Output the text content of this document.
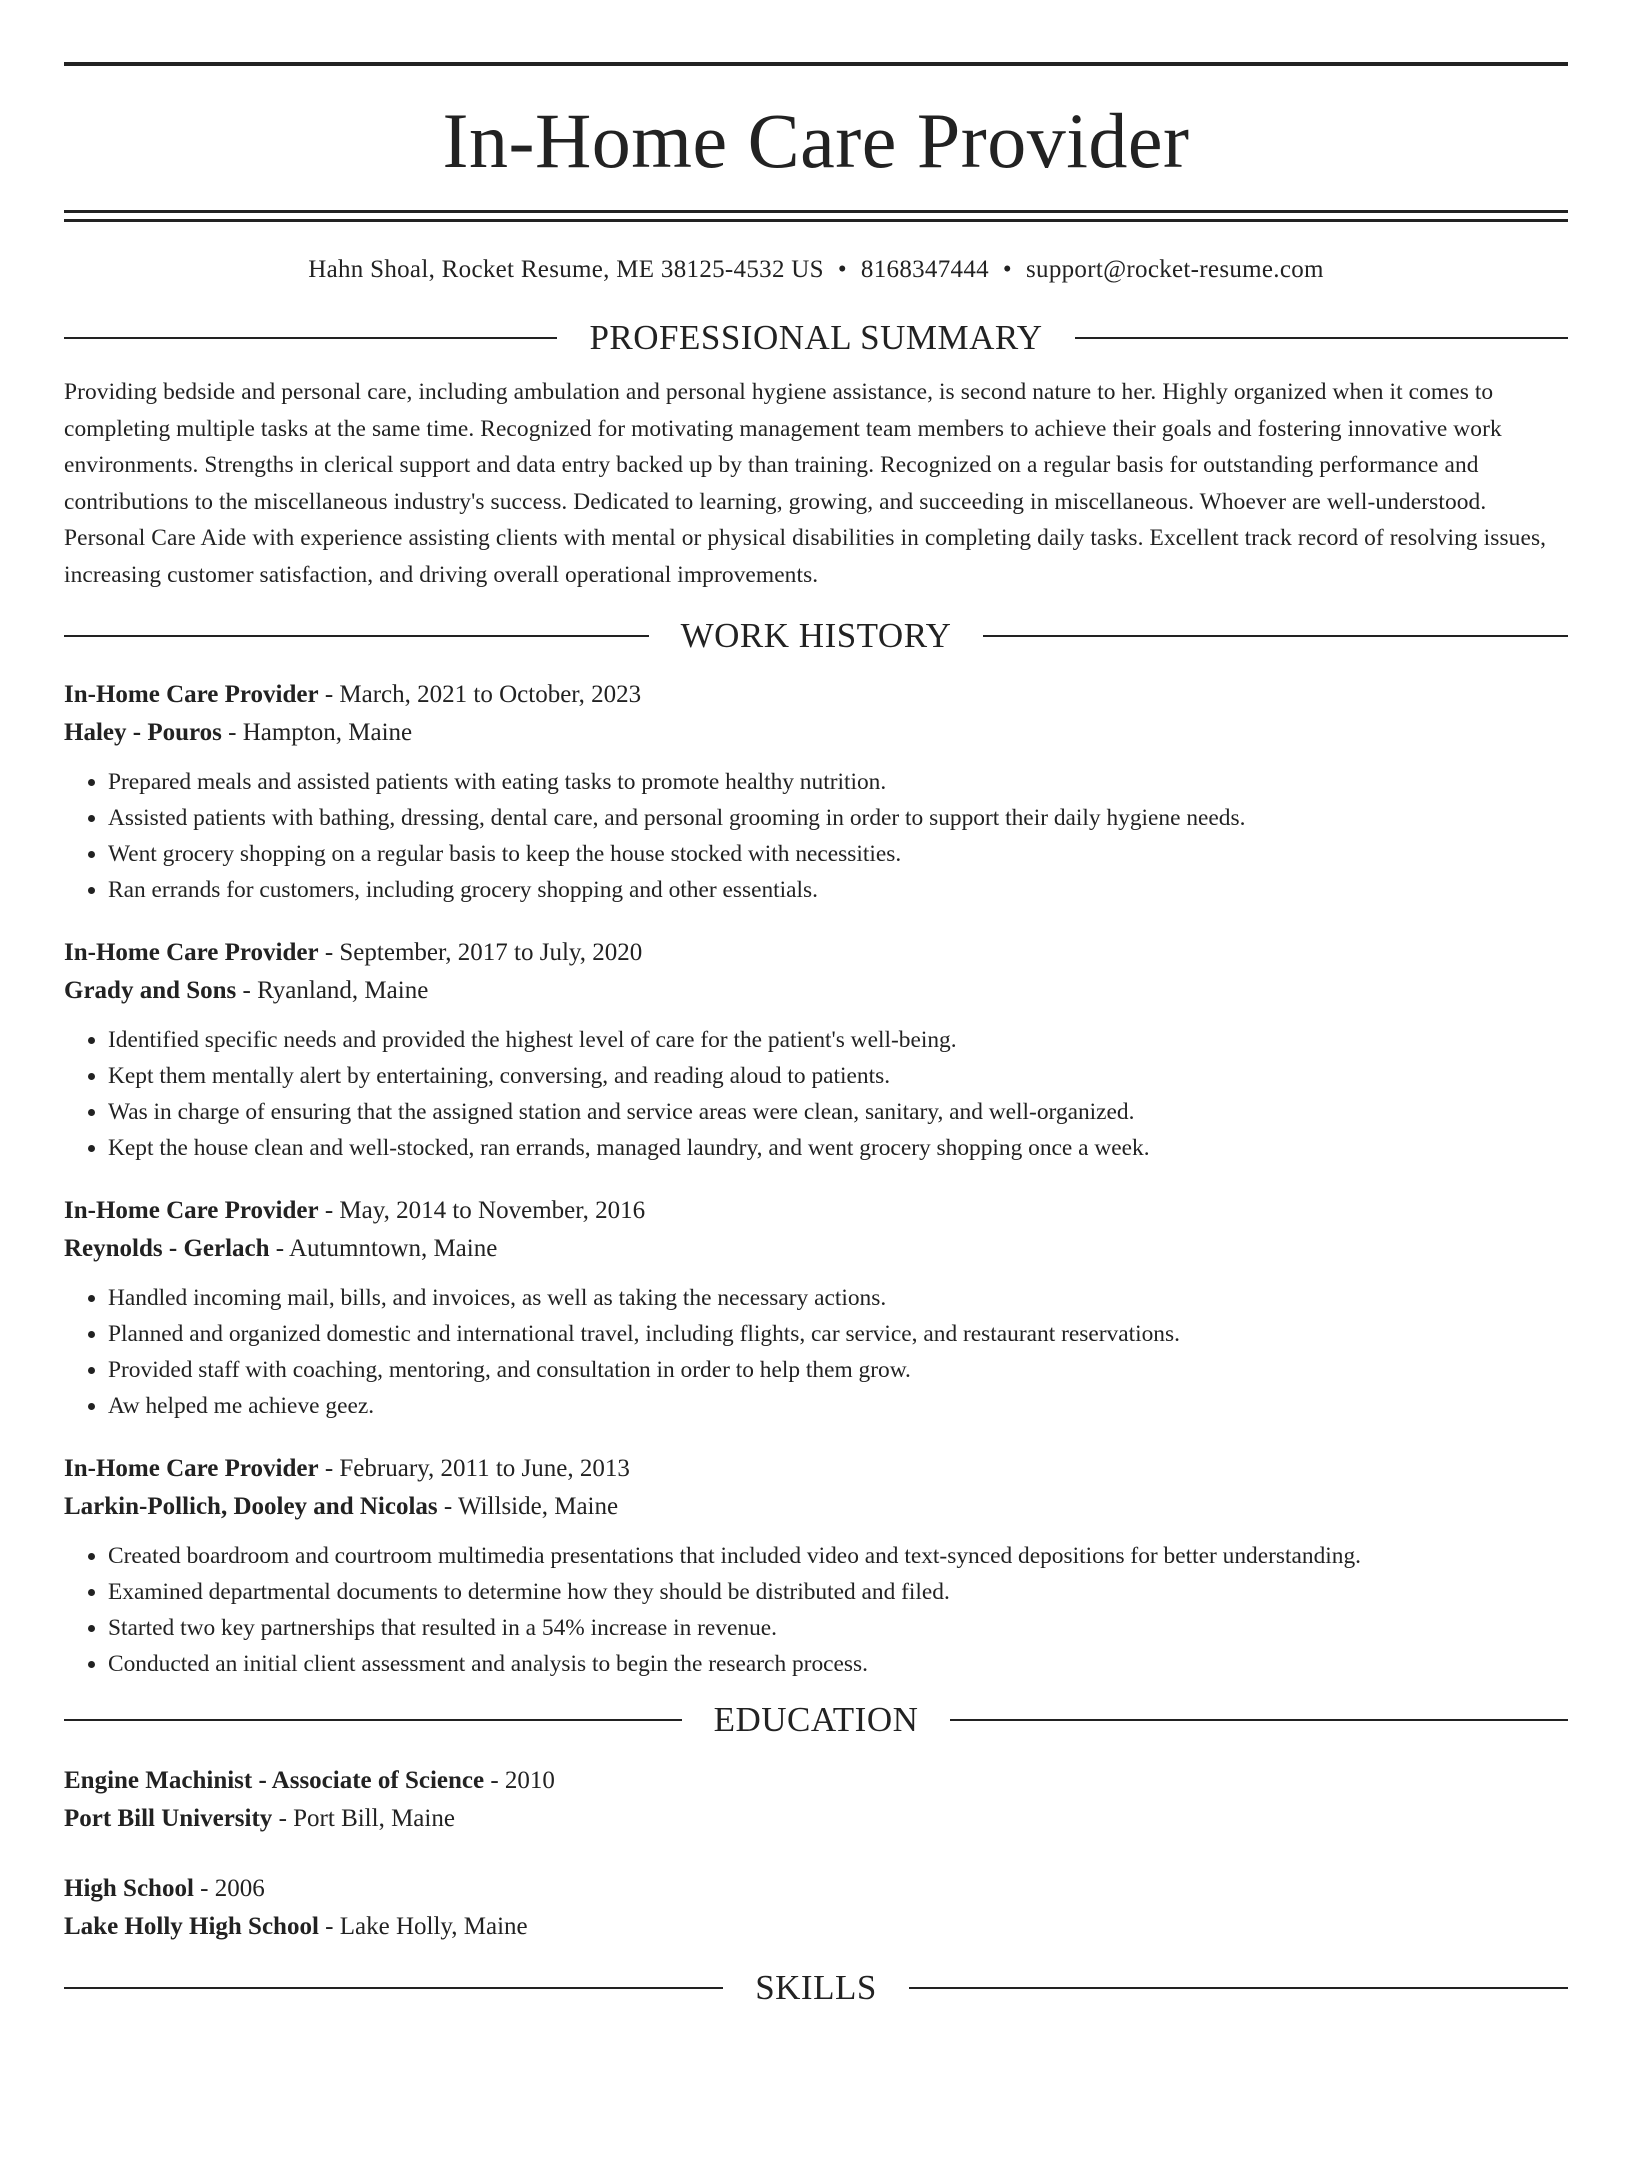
In-Home Care Provider
Hahn Shoal, Rocket Resume, ME 38125-4532 US • 8168347444 • support@rocket-resume.com
PROFESSIONAL SUMMARY

Providing bedside and personal care, including ambulation and personal hygiene assistance, is second nature to her. Highly organized when it comes to completing multiple tasks at the same time. Recognized for motivating management team members to achieve their goals and fostering innovative work environments. Strengths in clerical support and data entry backed up by than training. Recognized on a regular basis for outstanding performance and contributions to the miscellaneous industry's success. Dedicated to learning, growing, and succeeding in miscellaneous. Whoever are well-understood. Personal Care Aide with experience assisting clients with mental or physical disabilities in completing daily tasks. Excellent track record of resolving issues, increasing customer satisfaction, and driving overall operational improvements.

WORK HISTORY
In-Home Care Provider - March, 2021 to October, 2023
Haley - Pouros - Hampton, Maine
• Prepared meals and assisted patients with eating tasks to promote healthy nutrition.
• Assisted patients with bathing, dressing, dental care, and personal grooming in order to support their daily hygiene needs.
• Went grocery shopping on a regular basis to keep the house stocked with necessities.
• Ran errands for customers, including grocery shopping and other essentials.
In-Home Care Provider - September, 2017 to July, 2020
Grady and Sons - Ryanland, Maine
• Identified specific needs and provided the highest level of care for the patient's well-being.
• Kept them mentally alert by entertaining, conversing, and reading aloud to patients.
• Was in charge of ensuring that the assigned station and service areas were clean, sanitary, and well-organized.
• Kept the house clean and well-stocked, ran errands, managed laundry, and went grocery shopping once a week.
In-Home Care Provider - May, 2014 to November, 2016
Reynolds - Gerlach - Autumntown, Maine
• Handled incoming mail, bills, and invoices, as well as taking the necessary actions.
• Planned and organized domestic and international travel, including flights, car service, and restaurant reservations.
• Provided staff with coaching, mentoring, and consultation in order to help them grow.
• Aw helped me achieve geez.
In-Home Care Provider - February, 2011 to June, 2013
Larkin-Pollich, Dooley and Nicolas - Willside, Maine
• Created boardroom and courtroom multimedia presentations that included video and text-synced depositions for better understanding.
• Examined departmental documents to determine how they should be distributed and filed.
• Started two key partnerships that resulted in a 54% increase in revenue.
• Conducted an initial client assessment and analysis to begin the research process.
EDUCATION
Engine Machinist - Associate of Science - 2010
Port Bill University - Port Bill, Maine
High School - 2006
Lake Holly High School - Lake Holly, Maine
SKILLS
